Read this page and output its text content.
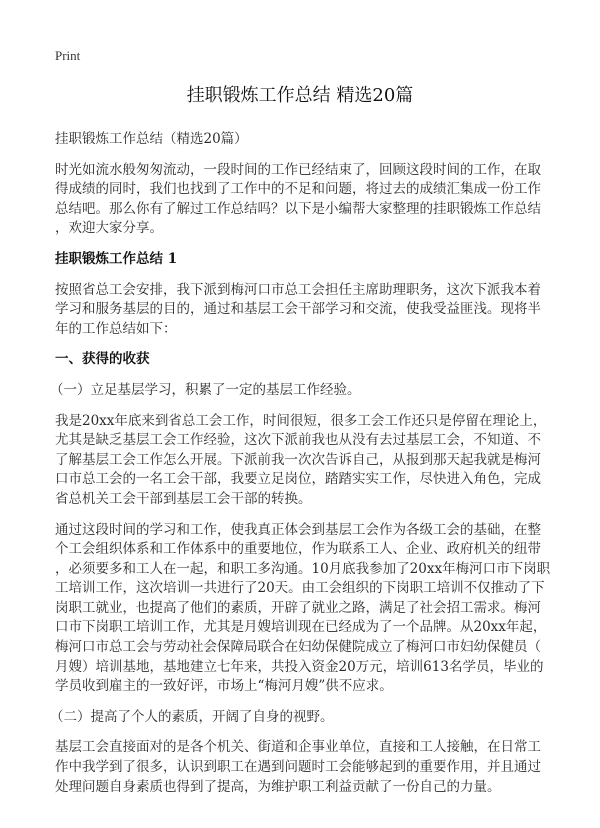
Print
挂职锻炼工作总结 精选20篇
挂职锻炼工作总结（精选20篇）
时光如流水般匆匆流动，一段时间的工作已经结束了，回顾这段时间的工作，在取
得成绩的同时，我们也找到了工作中的不足和问题，将过去的成绩汇集成一份工作
总结吧。那么你有了解过工作总结吗？以下是小编帮大家整理的挂职锻炼工作总结
，欢迎大家分享。
挂职锻炼工作总结 1
按照省总工会安排，我下派到梅河口市总工会担任主席助理职务，这次下派我本着
学习和服务基层的目的，通过和基层工会干部学习和交流，使我受益匪浅。现将半
年的工作总结如下：
一、获得的收获
（一）立足基层学习，积累了一定的基层工作经验。
我是20xx年底来到省总工会工作，时间很短，很多工会工作还只是停留在理论上，
尤其是缺乏基层工会工作经验，这次下派前我也从没有去过基层工会，不知道、不
了解基层工会工作怎么开展。下派前我一次次告诉自己，从报到那天起我就是梅河
口市总工会的一名工会干部，我要立足岗位，踏踏实实工作，尽快进入角色，完成
省总机关工会干部到基层工会干部的转换。
通过这段时间的学习和工作，使我真正体会到基层工会作为各级工会的基础，在整
个工会组织体系和工作体系中的重要地位，作为联系工人、企业、政府机关的纽带
，必须要多和工人在一起，和职工多沟通。10月底我参加了20xx年梅河口市下岗职
工培训工作，这次培训一共进行了20天。由工会组织的下岗职工培训不仅推动了下
岗职工就业，也提高了他们的素质，开辟了就业之路，满足了社会招工需求。梅河
口市下岗职工培训工作，尤其是月嫂培训现在已经成为了一个品牌。从20xx年起，
梅河口市总工会与劳动社会保障局联合在妇幼保健院成立了梅河口市妇幼保健员（
月嫂）培训基地，基地建立七年来，共投入资金20万元，培训613名学员，毕业的
学员收到雇主的一致好评，市场上“梅河月嫂”供不应求。
（二）提高了个人的素质，开阔了自身的视野。
基层工会直接面对的是各个机关、街道和企事业单位，直接和工人接触，在日常工
作中我学到了很多，认识到职工在遇到问题时工会能够起到的重要作用，并且通过
处理问题自身素质也得到了提高，为维护职工利益贡献了一份自己的力量。
